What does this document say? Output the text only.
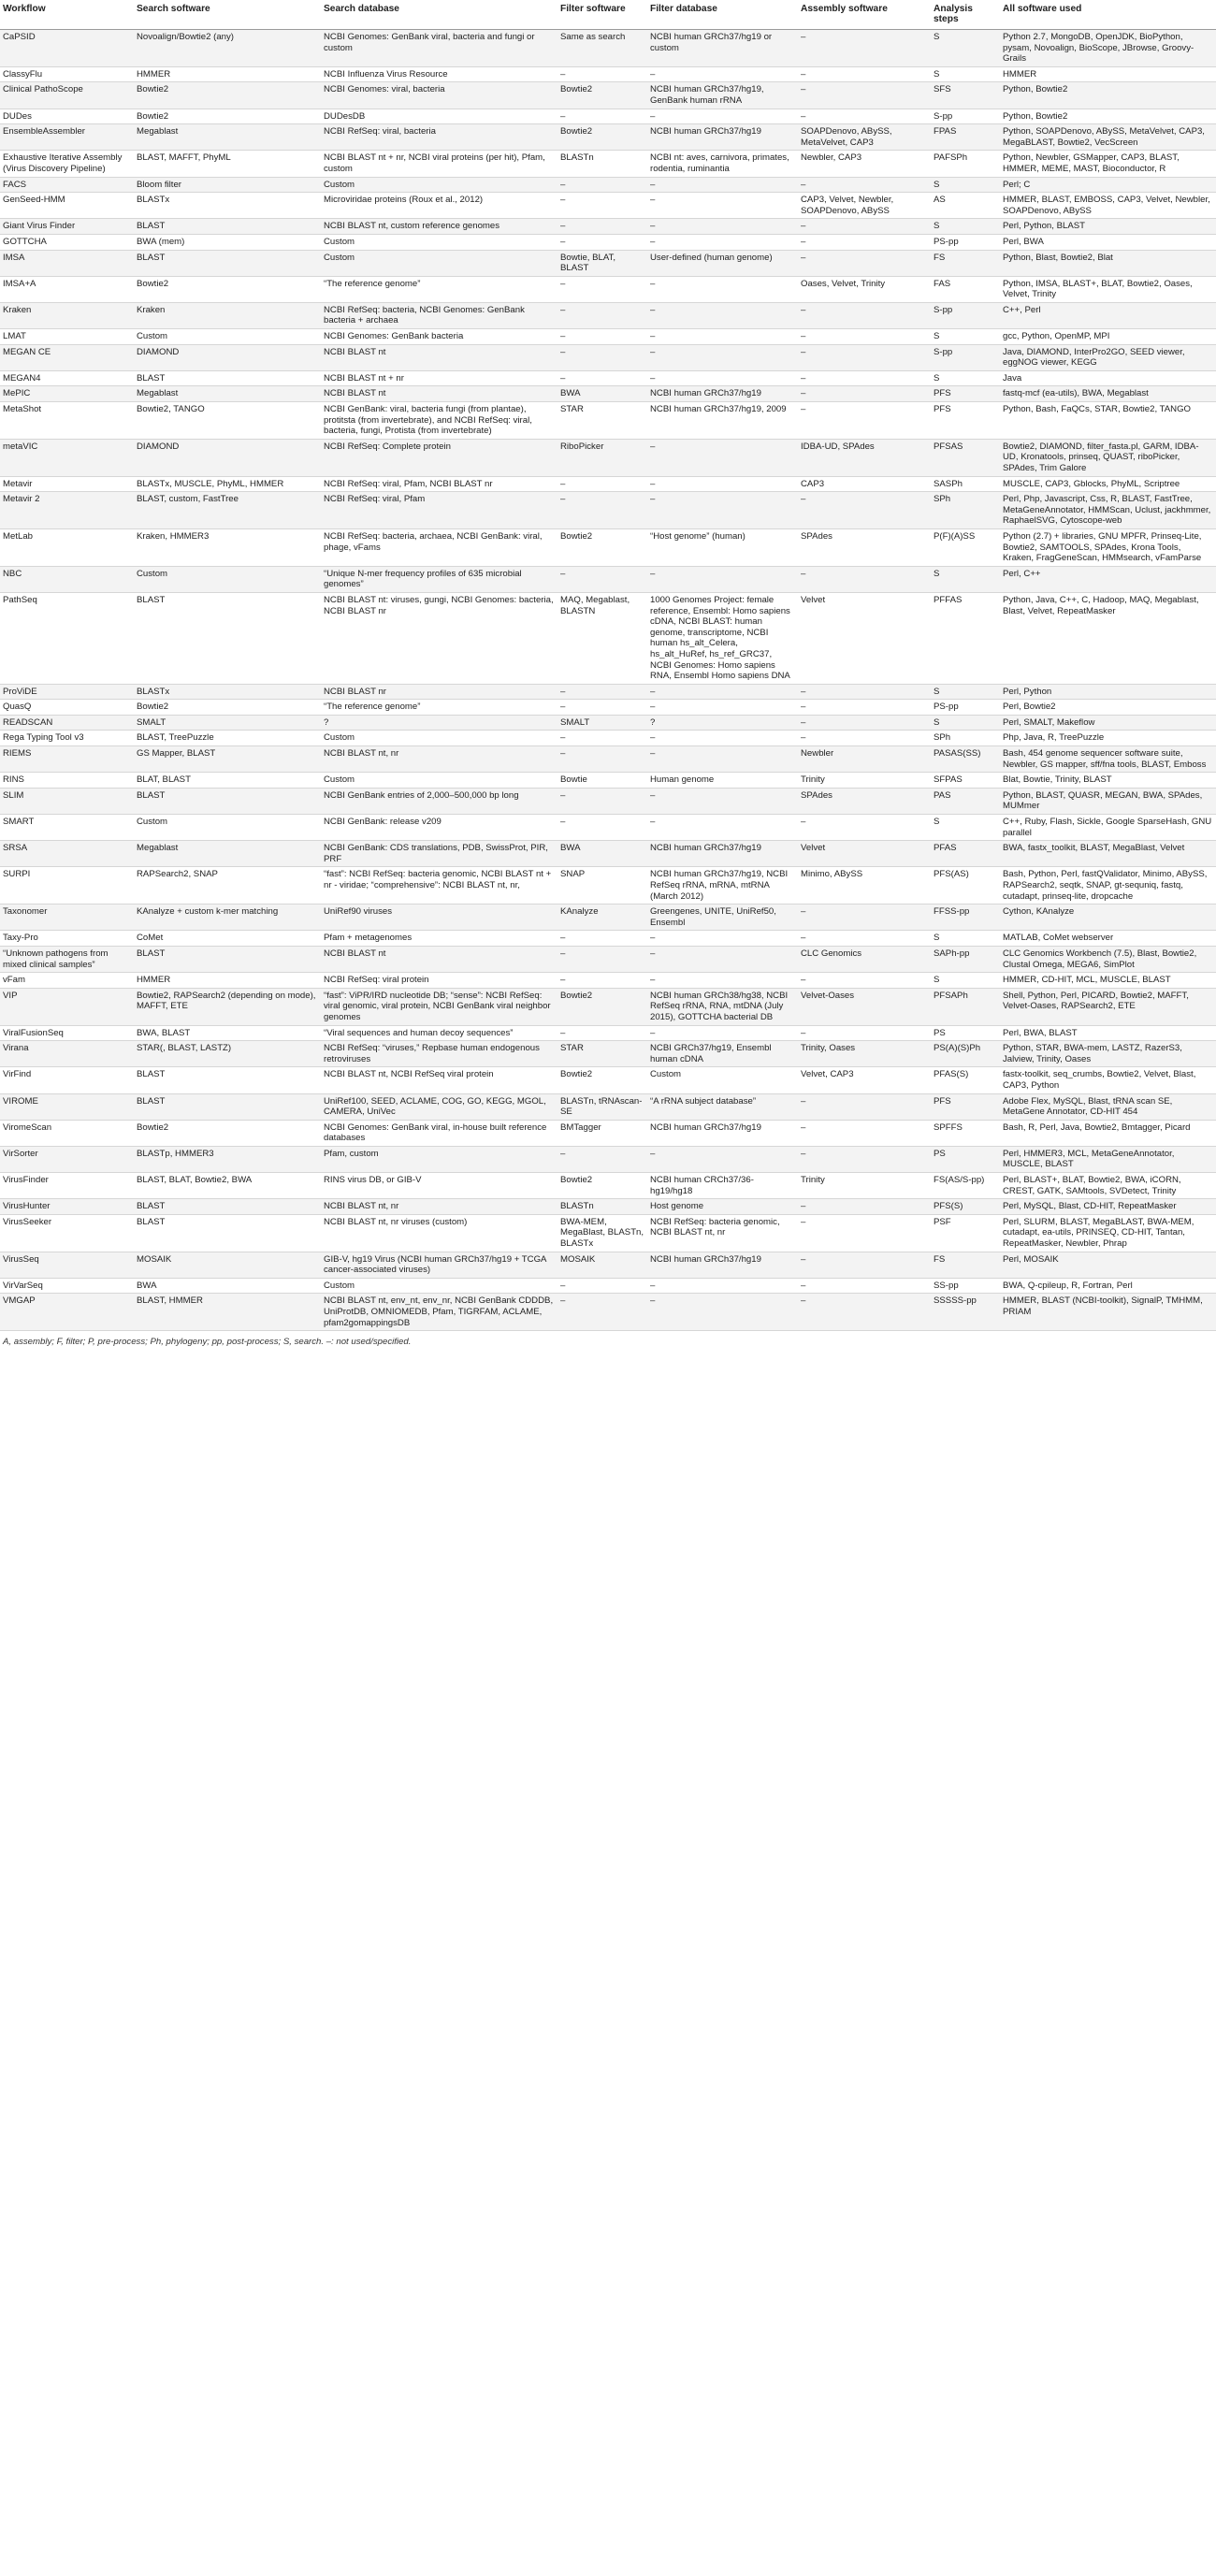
Workflow	Search software	Search database	Filter software	Filter database	Assembly software	Analysis steps	All software used
CaPSID	Novoalign/Bowtie2 (any)	NCBI Genomes: GenBank viral, bacteria and fungi or custom	Same as search	NCBI human GRCh37/hg19 or custom	–	S	Python 2.7, MongoDB, OpenJDK, BioPython, pysam, Novoalign, BioScope, JBrowse, Groovy-Grails
ClassyFlu	HMMER	NCBI Influenza Virus Resource	–	–	–	S	HMMER
Clinical PathoScope	Bowtie2	NCBI Genomes: viral, bacteria	Bowtie2	NCBI human GRCh37/hg19, GenBank human rRNA	–	SFS	Python, Bowtie2
DUDes	Bowtie2	DUDesDB	–	–	–	S-pp	Python, Bowtie2
EnsembleAssembler	Megablast	NCBI RefSeq: viral, bacteria	Bowtie2	NCBI human GRCh37/hg19	SOAPDenovo, ABySS, MetaVelvet, CAP3	FPAS	Python, SOAPDenovo, ABySS, MetaVelvet, CAP3, MegaBLAST, Bowtie2, VecScreen
Exhaustive Iterative Assembly (Virus Discovery Pipeline)	BLAST, MAFFT, PhyML	NCBI BLAST nt + nr, NCBI viral proteins (per hit), Pfam, custom	BLASTn	NCBI nt: aves, carnivora, primates, rodentia, ruminantia	Newbler, CAP3	PAFSPh	Python, Newbler, GSMapper, CAP3, BLAST, HMMER, MEME, MAST, Bioconductor, R
FACS	Bloom filter	Custom	–	–	–	S	Perl; C
GenSeed-HMM	BLASTx	Microviridae proteins (Roux et al., 2012)	–	–	CAP3, Velvet, Newbler, SOAPDenovo, ABySS	AS	HMMER, BLAST, EMBOSS, CAP3, Velvet, Newbler, SOAPDenovo, ABySS
Giant Virus Finder	BLAST	NCBI BLAST nt, custom reference genomes	–	–	–	S	Perl, Python, BLAST
GOTTCHA	BWA (mem)	Custom	–	–	–	PS-pp	Perl, BWA
IMSA	BLAST	Custom	Bowtie, BLAT, BLAST	User-defined (human genome)	–	FS	Python, Blast, Bowtie2, Blat
IMSA+A	Bowtie2	“The reference genome”	–	–	Oases, Velvet, Trinity	FAS	Python, IMSA, BLAST+, BLAT, Bowtie2, Oases, Velvet, Trinity
Kraken	Kraken	NCBI RefSeq: bacteria, NCBI Genomes: GenBank bacteria + archaea	–	–	–	S-pp	C++, Perl
LMAT	Custom	NCBI Genomes: GenBank bacteria	–	–	–	S	gcc, Python, OpenMP, MPI
MEGAN CE	DIAMOND	NCBI BLAST nt	–	–	–	S-pp	Java, DIAMOND, InterPro2GO, SEED viewer, eggNOG viewer, KEGG
MEGAN4	BLAST	NCBI BLAST nt + nr	–	–	–	S	Java
MePIC	Megablast	NCBI BLAST nt	BWA	NCBI human GRCh37/hg19	–	PFS	fastq-mcf (ea-utils), BWA, Megablast
MetaShot	Bowtie2, TANGO	NCBI GenBank: viral, bacteria fungi (from plantae), protitsta (from invertebrate), and NCBI RefSeq: viral, bacteria, fungi, Protista (from invertebrate)	STAR	NCBI human GRCh37/hg19, 2009	–	PFS	Python, Bash, FaQCs, STAR, Bowtie2, TANGO
metaVIC	DIAMOND	NCBI RefSeq: Complete protein	RiboPicker	–	IDBA-UD, SPAdes	PFSAS	Bowtie2, DIAMOND, filter_fasta.pl, GARM, IDBA-UD, Kronatools, prinseq, QUAST, riboPicker, SPAdes, Trim Galore
Metavir	BLASTx, MUSCLE, PhyML, HMMER	NCBI RefSeq: viral, Pfam, NCBI BLAST nr	–	–	CAP3	SASPh	MUSCLE, CAP3, Gblocks, PhyML, Scriptree
Metavir 2	BLAST, custom, FastTree	NCBI RefSeq: viral, Pfam	–	–	–	SPh	Perl, Php, Javascript, Css, R, BLAST, FastTree, MetaGeneAnnotator, HMMScan, Uclust, jackhmmer, RaphaelSVG, Cytoscope-web
MetLab	Kraken, HMMER3	NCBI RefSeq: bacteria, archaea, NCBI GenBank: viral, phage, vFams	Bowtie2	“Host genome” (human)	SPAdes	P(F)(A)SS	Python (2.7) + libraries, GNU MPFR, Prinseq-Lite, Bowtie2, SAMTOOLS, SPAdes, Krona Tools, Kraken, FragGeneScan, HMMsearch, vFamParse
NBC	Custom	“Unique N-mer frequency profiles of 635 microbial genomes”	–	–	–	S	Perl, C++
PathSeq	BLAST	NCBI BLAST nt: viruses, gungi, NCBI Genomes: bacteria, NCBI BLAST nr	MAQ, Megablast, BLASTN	1000 Genomes Project: female reference, Ensembl: Homo sapiens cDNA, NCBI BLAST: human genome, transcriptome, NCBI human hs_alt_Celera, hs_alt_HuRef, hs_ref_GRC37, NCBI Genomes: Homo sapiens RNA, Ensembl Homo sapiens DNA	Velvet	PFFAS	Python, Java, C++, C, Hadoop, MAQ, Megablast, Blast, Velvet, RepeatMasker
ProViDE	BLASTx	NCBI BLAST nr	–	–	–	S	Perl, Python
QuasQ	Bowtie2	“The reference genome”	–	–	–	PS-pp	Perl, Bowtie2
READSCAN	SMALT	?	SMALT	?	–	S	Perl, SMALT, Makeflow
Rega Typing Tool v3	BLAST, TreePuzzle	Custom	–	–	–	SPh	Php, Java, R, TreePuzzle
RIEMS	GS Mapper, BLAST	NCBI BLAST nt, nr	–	–	Newbler	PASAS(SS)	Bash, 454 genome sequencer software suite, Newbler, GS mapper, sff/fna tools, BLAST, Emboss
RINS	BLAT, BLAST	Custom	Bowtie	Human genome	Trinity	SFPAS	Blat, Bowtie, Trinity, BLAST
SLIM	BLAST	NCBI GenBank entries of 2,000–500,000 bp long	–	–	SPAdes	PAS	Python, BLAST, QUASR, MEGAN, BWA, SPAdes, MUMmer
SMART	Custom	NCBI GenBank: release v209	–	–	–	S	C++, Ruby, Flash, Sickle, Google SparseHash, GNU parallel
SRSA	Megablast	NCBI GenBank: CDS translations, PDB, SwissProt, PIR, PRF	BWA	NCBI human GRCh37/hg19	Velvet	PFAS	BWA, fastx_toolkit, BLAST, MegaBlast, Velvet
SURPI	RAPSearch2, SNAP	“fast”: NCBI RefSeq: bacteria genomic, NCBI BLAST nt + nr - viridae; “comprehensive”: NCBI BLAST nt, nr,	SNAP	NCBI human GRCh37/hg19, NCBI RefSeq rRNA, mRNA, mtRNA (March 2012)	Minimo, ABySS	PFS(AS)	Bash, Python, Perl, fastQValidator, Minimo, ABySS, RAPSearch2, seqtk, SNAP, gt-sequniq, fastq, cutadapt, prinseq-lite, dropcache
Taxonomer	KAnalyze + custom k-mer matching	UniRef90 viruses	KAnalyze	Greengenes, UNITE, UniRef50, Ensembl	–	FFSS-pp	Cython, KAnalyze
Taxy-Pro	CoMet	Pfam + metagenomes	–	–	–	S	MATLAB, CoMet webserver
“Unknown pathogens from mixed clinical samples”	BLAST	NCBI BLAST nt	–	–	CLC Genomics	SAPh-pp	CLC Genomics Workbench (7.5), Blast, Bowtie2, Clustal Omega, MEGA6, SimPlot
vFam	HMMER	NCBI RefSeq: viral protein	–	–	–	S	HMMER, CD-HIT, MCL, MUSCLE, BLAST
VIP	Bowtie2, RAPSearch2 (depending on mode), MAFFT, ETE	“fast”: ViPR/IRD nucleotide DB; “sense”: NCBI RefSeq: viral genomic, viral protein, NCBI GenBank viral neighbor genomes	Bowtie2	NCBI human GRCh38/hg38, NCBI RefSeq rRNA, RNA, mtDNA (July 2015), GOTTCHA bacterial DB	Velvet-Oases	PFSAPh	Shell, Python, Perl, PICARD, Bowtie2, MAFFT, Velvet-Oases, RAPSearch2, ETE
ViralFusionSeq	BWA, BLAST	“Viral sequences and human decoy sequences”	–	–	–	PS	Perl, BWA, BLAST
Virana	STAR(, BLAST, LASTZ)	NCBI RefSeq: “viruses,” Repbase human endogenous retroviruses	STAR	NCBI GRCh37/hg19, Ensembl human cDNA	Trinity, Oases	PS(A)(S)Ph	Python, STAR, BWA-mem, LASTZ, RazerS3, Jalview, Trinity, Oases
VirFind	BLAST	NCBI BLAST nt, NCBI RefSeq viral protein	Bowtie2	Custom	Velvet, CAP3	PFAS(S)	fastx-toolkit, seq_crumbs, Bowtie2, Velvet, Blast, CAP3, Python
VIROME	BLAST	UniRef100, SEED, ACLAME, COG, GO, KEGG, MGOL, CAMERA, UniVec	BLASTn, tRNAscan-SE	“A rRNA subject database”	–	PFS	Adobe Flex, MySQL, Blast, tRNA scan SE, MetaGene Annotator, CD-HIT 454
ViromeScan	Bowtie2	NCBI Genomes: GenBank viral, in-house built reference databases	BMTagger	NCBI human GRCh37/hg19	–	SPFFS	Bash, R, Perl, Java, Bowtie2, Bmtagger, Picard
VirSorter	BLASTp, HMMER3	Pfam, custom	–	–	–	PS	Perl, HMMER3, MCL, MetaGeneAnnotator, MUSCLE, BLAST
VirusFinder	BLAST, BLAT, Bowtie2, BWA	RINS virus DB, or GIB-V	Bowtie2	NCBI human CRCh37/36-hg19/hg18	Trinity	FS(AS/S-pp)	Perl, BLAST+, BLAT, Bowtie2, BWA, iCORN, CREST, GATK, SAMtools, SVDetect, Trinity
VirusHunter	BLAST	NCBI BLAST nt, nr	BLASTn	Host genome	–	PFS(S)	Perl, MySQL, Blast, CD-HIT, RepeatMasker
VirusSeeker	BLAST	NCBI BLAST nt, nr viruses (custom)	BWA-MEM, MegaBlast, BLASTn, BLASTx	NCBI RefSeq: bacteria genomic, NCBI BLAST nt, nr	–	PSF	Perl, SLURM, BLAST, MegaBLAST, BWA-MEM, cutadapt, ea-utils, PRINSEQ, CD-HIT, Tantan, RepeatMasker, Newbler, Phrap
VirusSeq	MOSAIK	GIB-V, hg19 Virus (NCBI human GRCh37/hg19 + TCGA cancer-associated viruses)	MOSAIK	NCBI human GRCh37/hg19	–	FS	Perl, MOSAIK
VirVarSeq	BWA	Custom	–	–	–	SS-pp	BWA, Q-cpileup, R, Fortran, Perl
VMGAP	BLAST, HMMER	NCBI BLAST nt, env_nt, env_nr, NCBI GenBank CDDDB, UniProtDB, OMNIOMEDB, Pfam, TIGRFAM, ACLAME, pfam2gomappingsDB	–	–	–	SSSSS-pp	HMMER, BLAST (NCBI-toolkit), SignalP, TMHMM, PRIAM
A, assembly; F, filter; P, pre-process; Ph, phylogeny; pp, post-process; S, search. –: not used/specified.
